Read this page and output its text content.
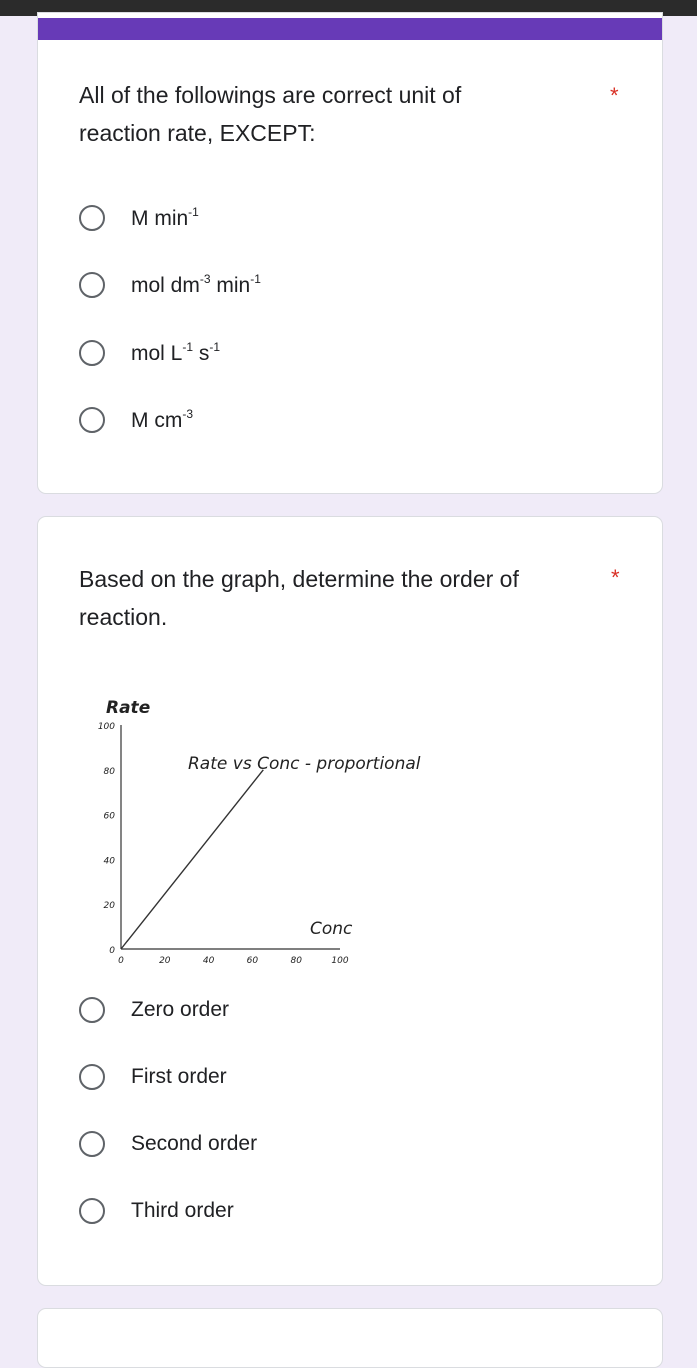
All of the followings are correct unit of
reaction rate, EXCEPT:
*
M $\min^{-1}$
mol $dm^{-3}$ $\min^{-1}$
mol $L^{-1}$ $s^{-1}$
M $cm^{-3}$
Based on the graph, determine the order of
reaction.
*
Rate
Rate vs Conc - proportional
Conc
0
20
40
60
80
100
0	20	40	60	80	100
Zero order
First order
Second order
Third order
